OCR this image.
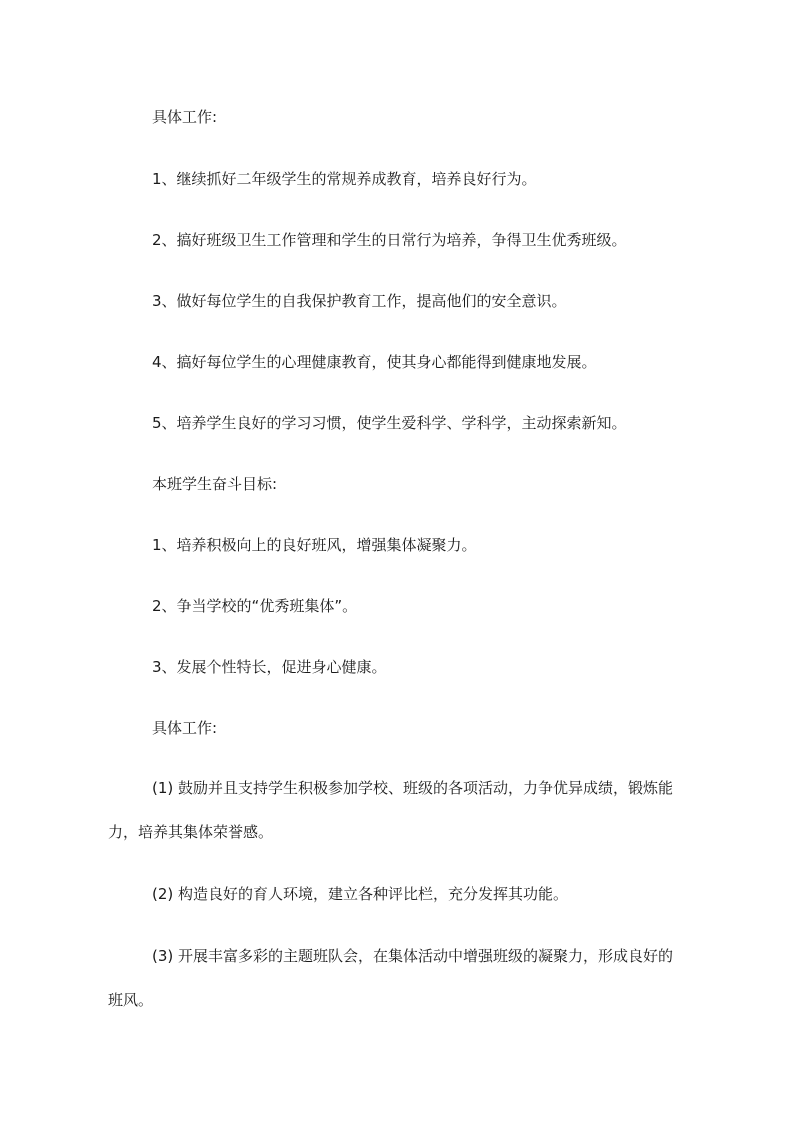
具体工作:

1、继续抓好二年级学生的常规养成教育，培养良好行为。

2、搞好班级卫生工作管理和学生的日常行为培养，争得卫生优秀班级。

3、做好每位学生的自我保护教育工作，提高他们的安全意识。

4、搞好每位学生的心理健康教育，使其身心都能得到健康地发展。

5、培养学生良好的学习习惯，使学生爱科学、学科学，主动探索新知。

本班学生奋斗目标:

1、培养积极向上的良好班风，增强集体凝聚力。

2、争当学校的“优秀班集体”。

3、发展个性特长，促进身心健康。

具体工作:

(1) 鼓励并且支持学生积极参加学校、班级的各项活动，力争优异成绩，锻炼能力，培养其集体荣誉感。

(2) 构造良好的育人环境，建立各种评比栏，充分发挥其功能。

(3) 开展丰富多彩的主题班队会，在集体活动中增强班级的凝聚力，形成良好的班风。
